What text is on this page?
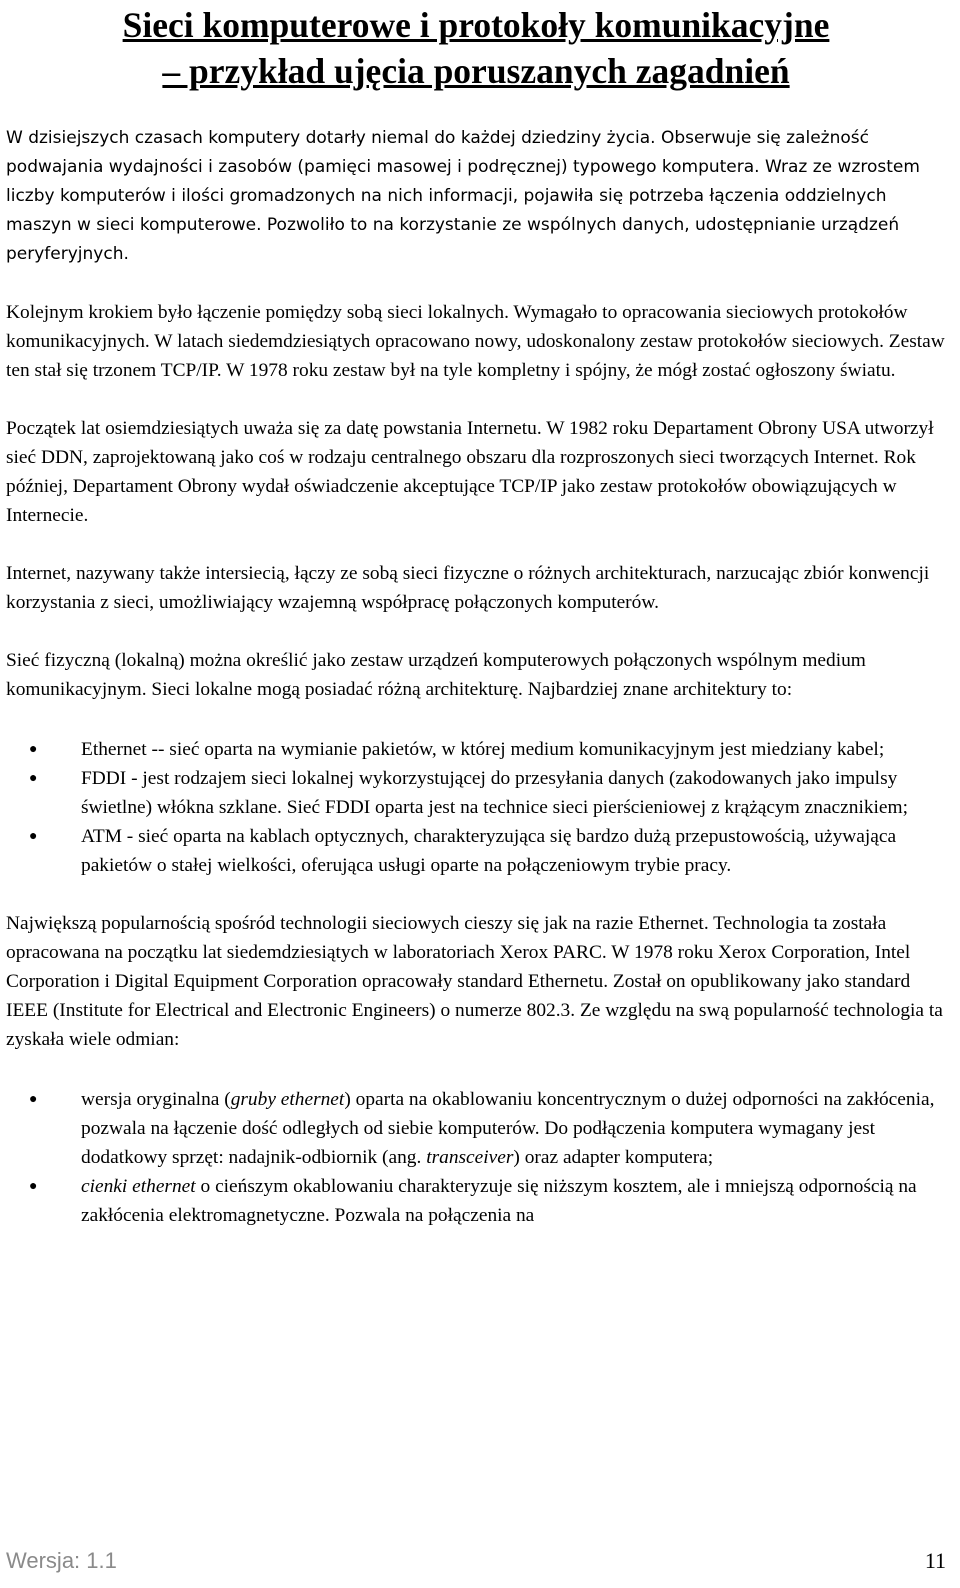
Sieci komputerowe i protokoły komunikacyjne
– przykład ujęcia poruszanych zagadnień

W dzisiejszych czasach komputery dotarły niemal do każdej dziedziny życia. Obserwuje się zależność podwajania wydajności i zasobów (pamięci masowej i podręcznej) typowego komputera. Wraz ze wzrostem liczby komputerów i ilości gromadzonych na nich informacji, pojawiła się potrzeba łączenia oddzielnych maszyn w sieci komputerowe. Pozwoliło to na korzystanie ze wspólnych danych, udostępnianie urządzeń peryferyjnych.

Kolejnym krokiem było łączenie pomiędzy sobą sieci lokalnych. Wymagało to opracowania sieciowych protokołów komunikacyjnych. W latach siedemdziesiątych opracowano nowy, udoskonalony zestaw protokołów sieciowych. Zestaw ten stał się trzonem TCP/IP. W 1978 roku zestaw był na tyle kompletny i spójny, że mógł zostać ogłoszony światu.

Początek lat osiemdziesiątych uważa się za datę powstania Internetu. W 1982 roku Departament Obrony USA utworzył sieć DDN, zaprojektowaną jako coś w rodzaju centralnego obszaru dla rozproszonych sieci tworzących Internet. Rok później, Departament Obrony wydał oświadczenie akceptujące TCP/IP jako zestaw protokołów obowiązujących w Internecie.

Internet, nazywany także intersiecią, łączy ze sobą sieci fizyczne o różnych architekturach, narzucając zbiór konwencji korzystania z sieci, umożliwiający wzajemną współpracę połączonych komputerów.

Sieć fizyczną (lokalną) można określić jako zestaw urządzeń komputerowych połączonych wspólnym medium komunikacyjnym. Sieci lokalne mogą posiadać różną architekturę. Najbardziej znane architektury to:

● Ethernet -- sieć oparta na wymianie pakietów, w której medium komunikacyjnym jest miedziany kabel;
● FDDI - jest rodzajem sieci lokalnej wykorzystującej do przesyłania danych (zakodowanych jako impulsy świetlne) włókna szklane. Sieć FDDI oparta jest na technice sieci pierścieniowej z krążącym znacznikiem;
● ATM - sieć oparta na kablach optycznych, charakteryzująca się bardzo dużą przepustowością, używająca pakietów o stałej wielkości, oferująca usługi oparte na połączeniowym trybie pracy.

Największą popularnością spośród technologii sieciowych cieszy się jak na razie Ethernet. Technologia ta została opracowana na początku lat siedemdziesiątych w laboratoriach Xerox PARC. W 1978 roku Xerox Corporation, Intel Corporation i Digital Equipment Corporation opracowały standard Ethernetu. Został on opublikowany jako standard IEEE (Institute for Electrical and Electronic Engineers) o numerze 802.3. Ze względu na swą popularność technologia ta zyskała wiele odmian:

● wersja oryginalna (gruby ethernet) oparta na okablowaniu koncentrycznym o dużej odporności na zakłócenia, pozwala na łączenie dość odległych od siebie komputerów. Do podłączenia komputera wymagany jest dodatkowy sprzęt: nadajnik-odbiornik (ang. transceiver) oraz adapter komputera;
● cienki ethernet o cieńszym okablowaniu charakteryzuje się niższym kosztem, ale i mniejszą odpornością na zakłócenia elektromagnetyczne. Pozwala na połączenia na
Wersja: 1.1	11
